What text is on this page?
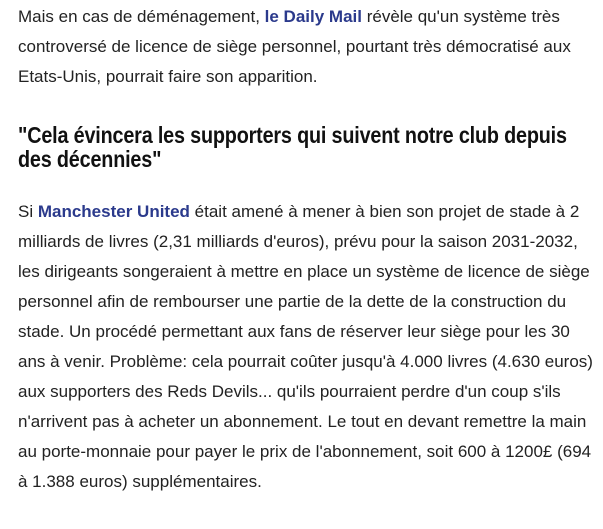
Mais en cas de déménagement, le Daily Mail révèle qu'un système très controversé de licence de siège personnel, pourtant très démocratisé aux Etats-Unis, pourrait faire son apparition.

"Cela évincera les supporters qui suivent notre club depuis des décennies"

Si Manchester United était amené à mener à bien son projet de stade à 2 milliards de livres (2,31 milliards d'euros), prévu pour la saison 2031-2032, les dirigeants songeraient à mettre en place un système de licence de siège personnel afin de rembourser une partie de la dette de la construction du stade. Un procédé permettant aux fans de réserver leur siège pour les 30 ans à venir. Problème: cela pourrait coûter jusqu'à 4.000 livres (4.630 euros) aux supporters des Reds Devils... qu'ils pourraient perdre d'un coup s'ils n'arrivent pas à acheter un abonnement. Le tout en devant remettre la main au porte-monnaie pour payer le prix de l'abonnement, soit 600 à 1200£ (694 à 1.388 euros) supplémentaires.
